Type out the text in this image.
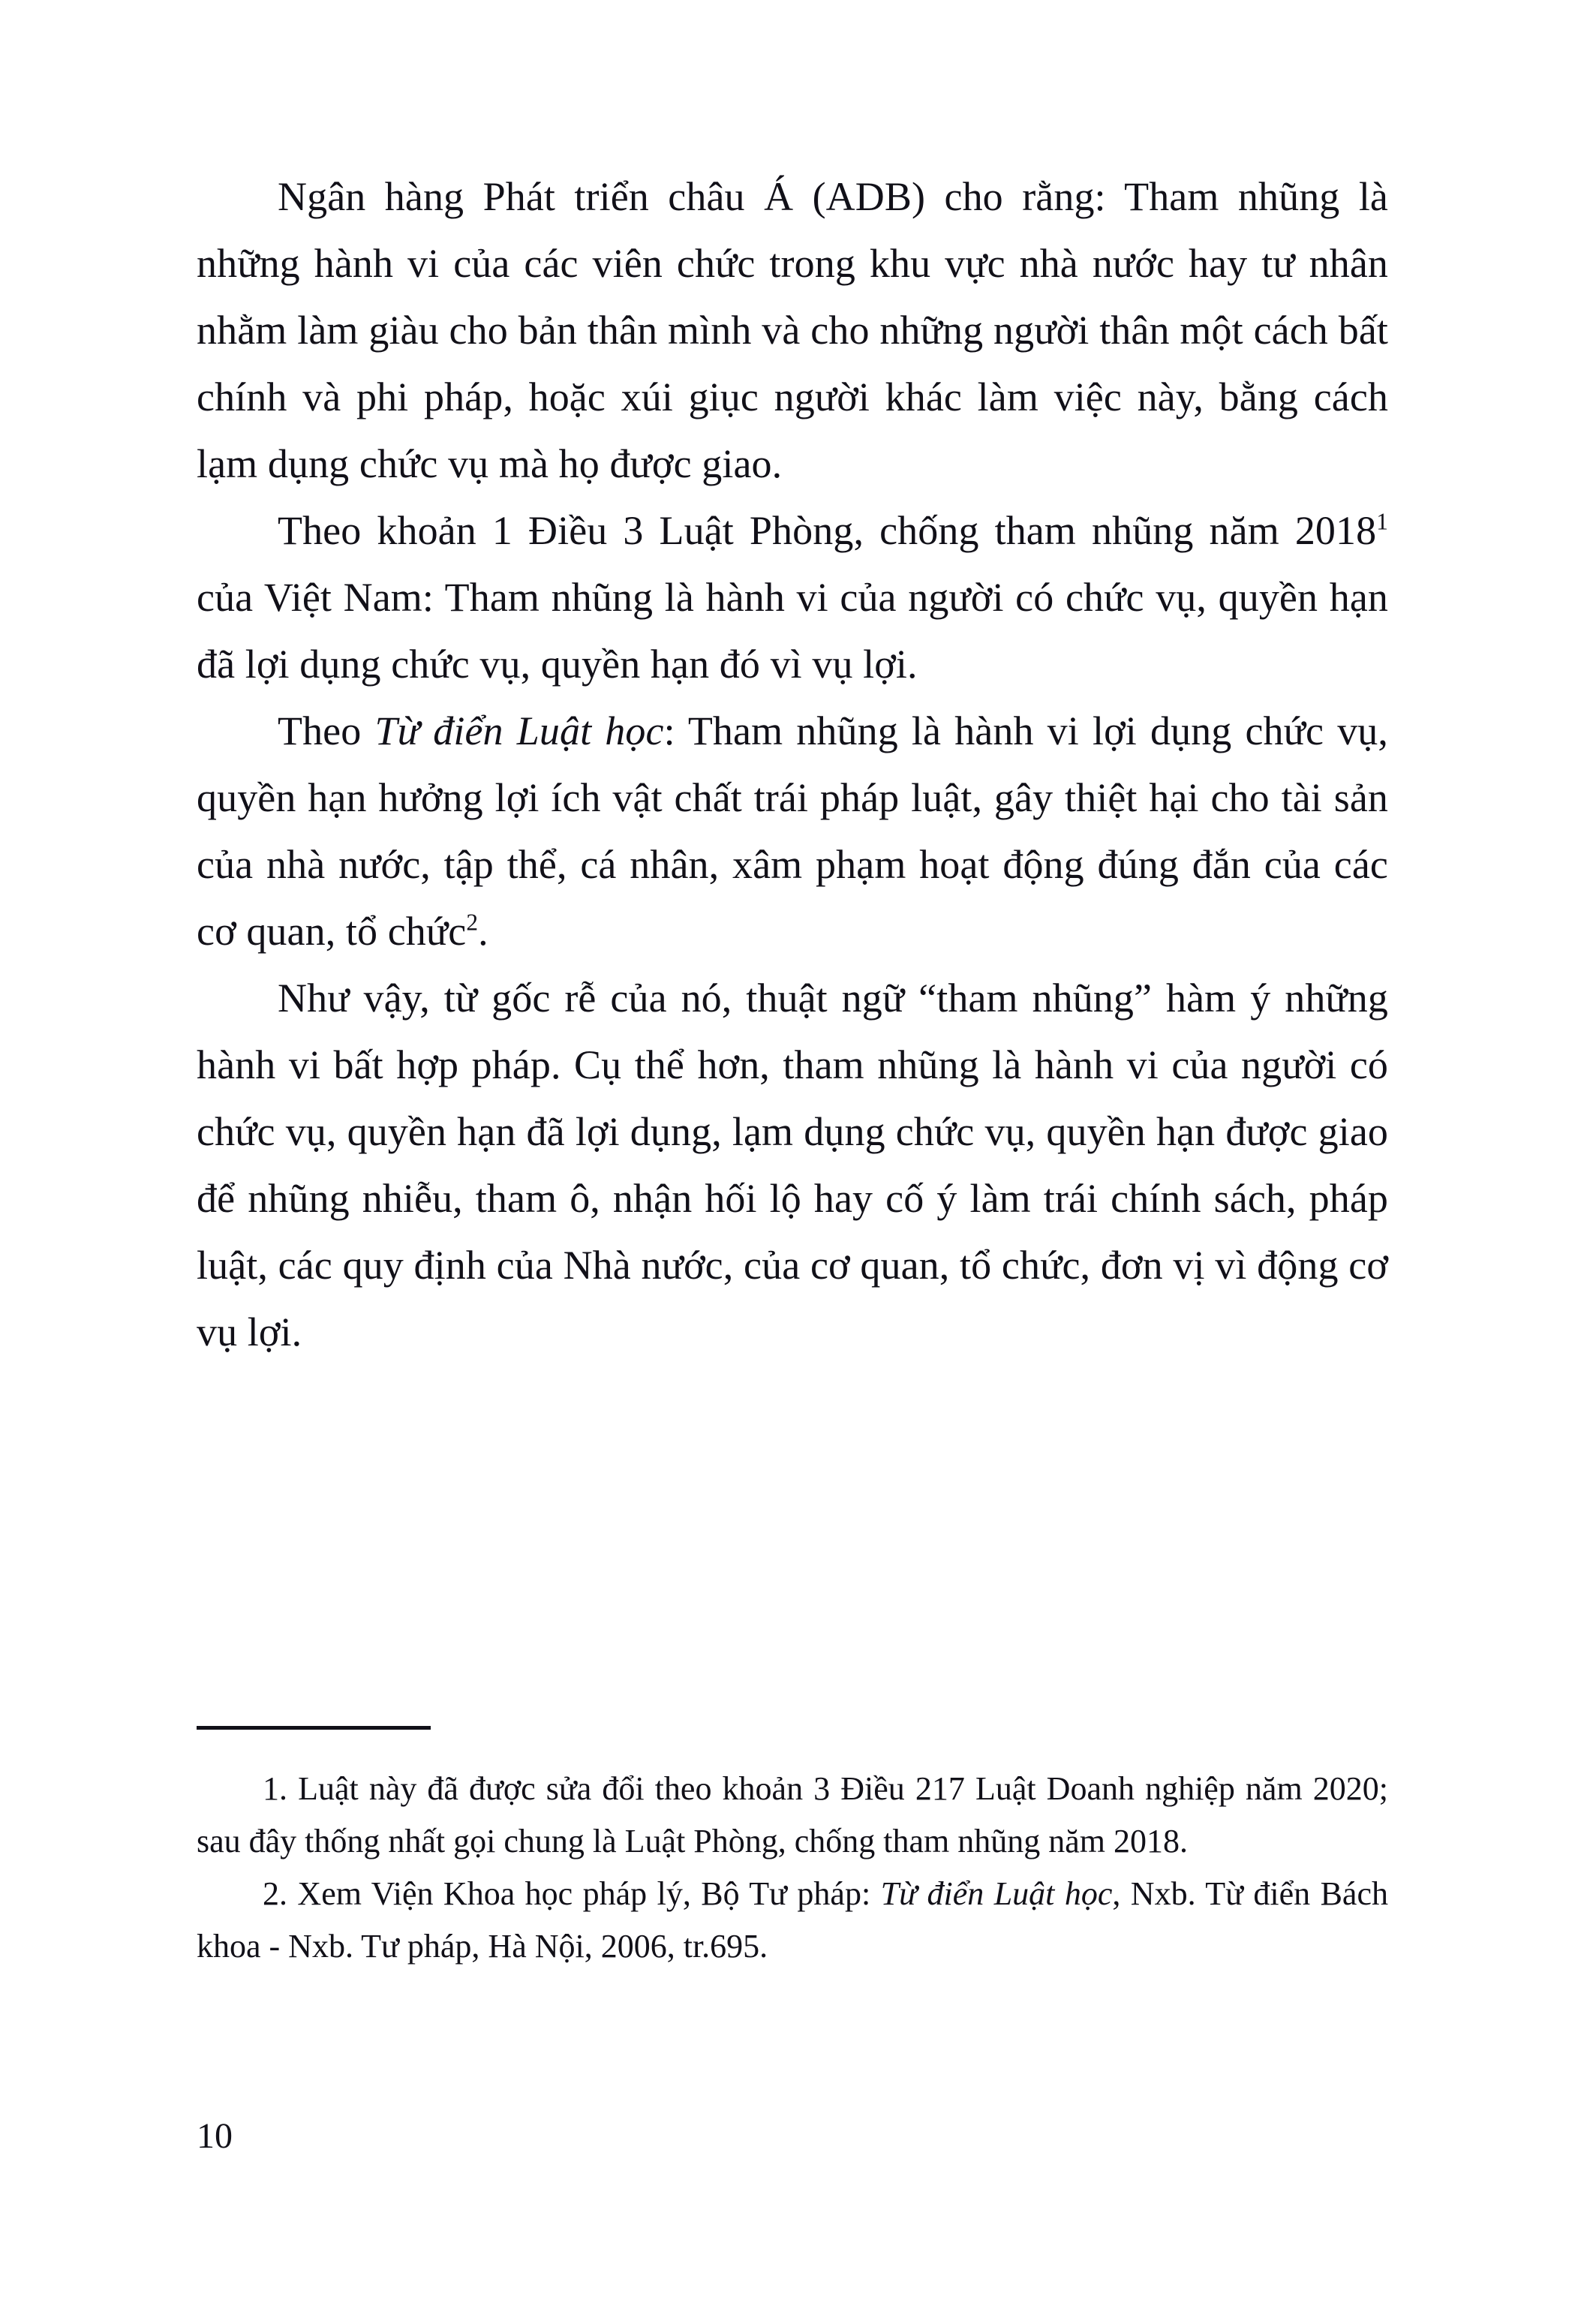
Ngân hàng Phát triển châu Á (ADB) cho rằng: Tham nhũng là những hành vi của các viên chức trong khu vực nhà nước hay tư nhân nhằm làm giàu cho bản thân mình và cho những người thân một cách bất chính và phi pháp, hoặc xúi giục người khác làm việc này, bằng cách lạm dụng chức vụ mà họ được giao.

Theo khoản 1 Điều 3 Luật Phòng, chống tham nhũng năm 2018$^1$ của Việt Nam: Tham nhũng là hành vi của người có chức vụ, quyền hạn đã lợi dụng chức vụ, quyền hạn đó vì vụ lợi.

Theo Từ điển Luật học: Tham nhũng là hành vi lợi dụng chức vụ, quyền hạn hưởng lợi ích vật chất trái pháp luật, gây thiệt hại cho tài sản của nhà nước, tập thể, cá nhân, xâm phạm hoạt động đúng đắn của các cơ quan, tổ chức$^2$.

Như vậy, từ gốc rễ của nó, thuật ngữ “tham nhũng” hàm ý những hành vi bất hợp pháp. Cụ thể hơn, tham nhũng là hành vi của người có chức vụ, quyền hạn đã lợi dụng, lạm dụng chức vụ, quyền hạn được giao để nhũng nhiễu, tham ô, nhận hối lộ hay cố ý làm trái chính sách, pháp luật, các quy định của Nhà nước, của cơ quan, tổ chức, đơn vị vì động cơ vụ lợi.

1. Luật này đã được sửa đổi theo khoản 3 Điều 217 Luật Doanh nghiệp năm 2020; sau đây thống nhất gọi chung là Luật Phòng, chống tham nhũng năm 2018.

2. Xem Viện Khoa học pháp lý, Bộ Tư pháp: Từ điển Luật học, Nxb. Từ điển Bách khoa - Nxb. Tư pháp, Hà Nội, 2006, tr.695.

10
